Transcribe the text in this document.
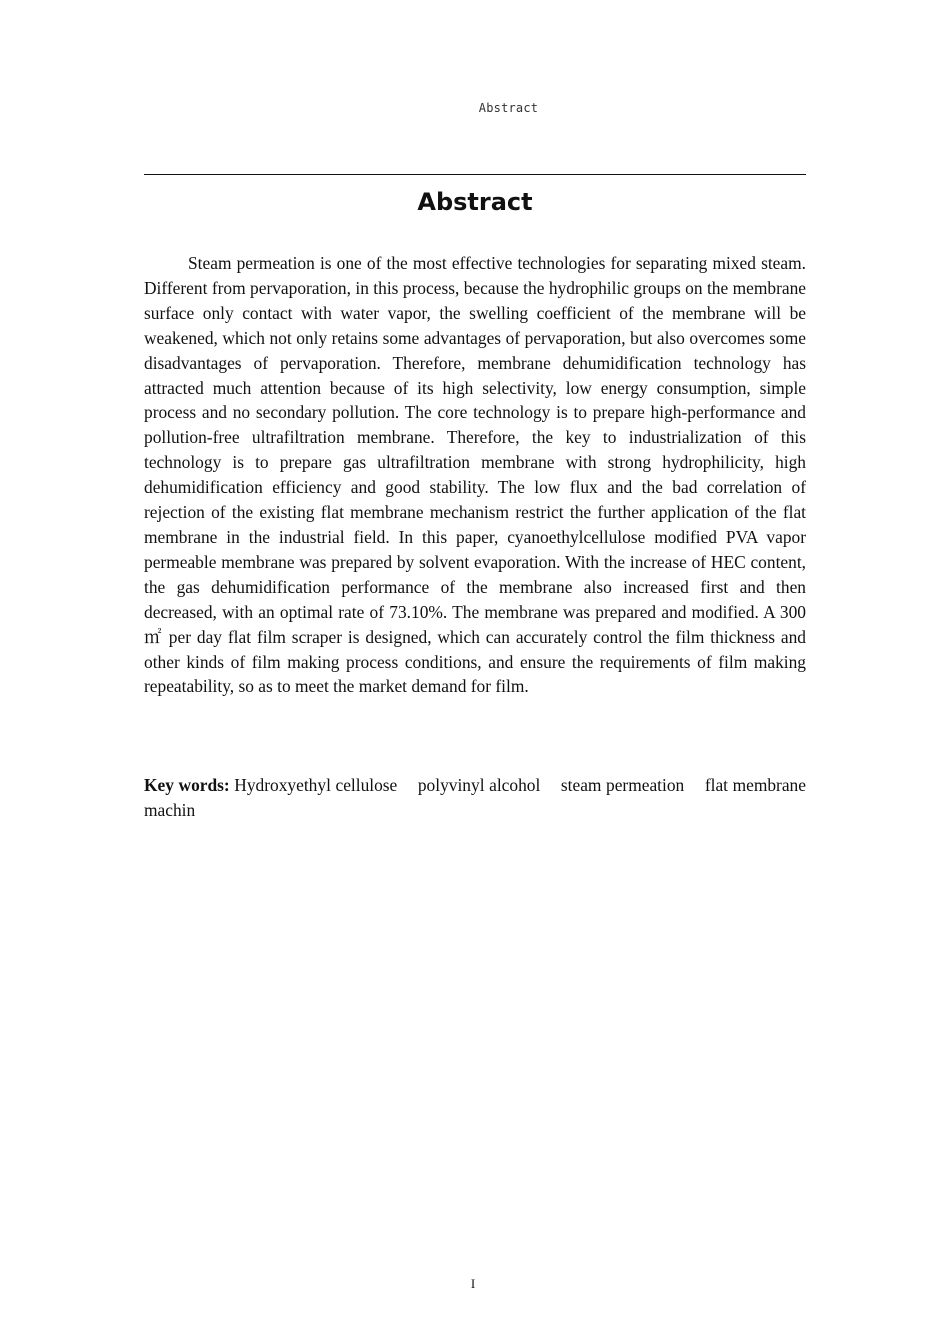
Abstract
Abstract

Steam permeation is one of the most effective technologies for separating mixed steam. Different from pervaporation, in this process, because the hydrophilic groups on the membrane surface only contact with water vapor, the swelling coefficient of the membrane will be weakened, which not only retains some advantages of pervaporation, but also overcomes some disadvantages of pervaporation. Therefore, membrane dehumidification technology has attracted much attention because of its high selectivity, low energy consumption, simple process and no secondary pollution. The core technology is to prepare high-performance and pollution-free ultrafiltration membrane. Therefore, the key to industrialization of this technology is to prepare gas ultrafiltration membrane with strong hydrophilicity, high dehumidification efficiency and good stability. The low flux and the bad correlation of rejection of the existing flat membrane mechanism restrict the further application of the flat membrane in the industrial field. In this paper, cyanoethylcellulose modified PVA vapor permeable membrane was prepared by solvent evaporation. With the increase of HEC content, the gas dehumidification performance of the membrane also increased first and then decreased, with an optimal rate of 73.10%. The membrane was prepared and modified. A 300 ㎡ per day flat film scraper is designed, which can accurately control the film thickness and other kinds of film making process conditions, and ensure the requirements of film making repeatability, so as to meet the market demand for film.

Key words: Hydroxyethyl cellulose polyvinyl alcohol steam permeation flat membrane machin

I
